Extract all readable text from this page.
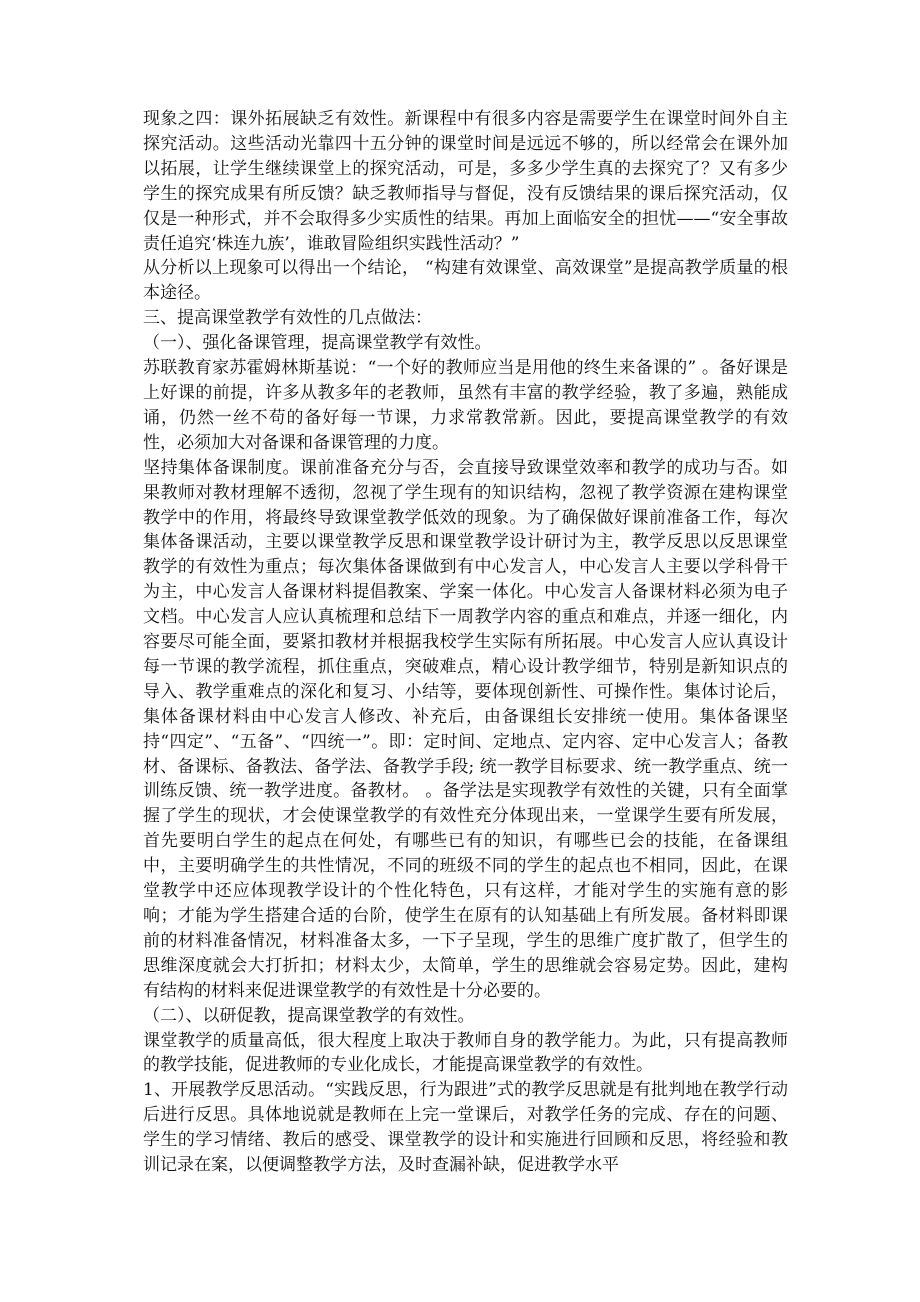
现象之四：课外拓展缺乏有效性。新课程中有很多内容是需要学生在课堂时间外自主探究活动。这些活动光靠四十五分钟的课堂时间是远远不够的，所以经常会在课外加以拓展，让学生继续课堂上的探究活动，可是，多多少学生真的去探究了？又有多少学生的探究成果有所反馈？缺乏教师指导与督促，没有反馈结果的课后探究活动，仅仅是一种形式，并不会取得多少实质性的结果。再加上面临安全的担忧——“安全事故责任追究‘株连九族’，谁敢冒险组织实践性活动？”

从分析以上现象可以得出一个结论， “构建有效课堂、高效课堂”是提高教学质量的根本途径。

三、提高课堂教学有效性的几点做法：

（一）、强化备课管理，提高课堂教学有效性。

苏联教育家苏霍姆林斯基说：“一个好的教师应当是用他的终生来备课的” 。备好课是上好课的前提，许多从教多年的老教师，虽然有丰富的教学经验，教了多遍，熟能成诵，仍然一丝不苟的备好每一节课，力求常教常新。因此，要提高课堂教学的有效性，必须加大对备课和备课管理的力度。

坚持集体备课制度。课前准备充分与否，会直接导致课堂效率和教学的成功与否。如果教师对教材理解不透彻，忽视了学生现有的知识结构，忽视了教学资源在建构课堂教学中的作用，将最终导致课堂教学低效的现象。为了确保做好课前准备工作，每次集体备课活动，主要以课堂教学反思和课堂教学设计研讨为主，教学反思以反思课堂教学的有效性为重点；每次集体备课做到有中心发言人，中心发言人主要以学科骨干为主，中心发言人备课材料提倡教案、学案一体化。中心发言人备课材料必须为电子文档。中心发言人应认真梳理和总结下一周教学内容的重点和难点，并逐一细化，内容要尽可能全面，要紧扣教材并根据我校学生实际有所拓展。中心发言人应认真设计每一节课的教学流程，抓住重点，突破难点，精心设计教学细节，特别是新知识点的导入、教学重难点的深化和复习、小结等，要体现创新性、可操作性。集体讨论后，集体备课材料由中心发言人修改、补充后，由备课组长安排统一使用。集体备课坚持“四定”、“五备”、“四统一”。即：定时间、定地点、定内容、定中心发言人；备教材、备课标、备教法、备学法、备教学手段; 统一教学目标要求、统一教学重点、统一训练反馈、统一教学进度。备教材。 。备学法是实现教学有效性的关键，只有全面掌握了学生的现状，才会使课堂教学的有效性充分体现出来，一堂课学生要有所发展，首先要明白学生的起点在何处，有哪些已有的知识，有哪些已会的技能，在备课组中，主要明确学生的共性情况，不同的班级不同的学生的起点也不相同，因此，在课堂教学中还应体现教学设计的个性化特色，只有这样，才能对学生的实施有意的影响；才能为学生搭建合适的台阶，使学生在原有的认知基础上有所发展。备材料即课前的材料准备情况，材料准备太多，一下子呈现，学生的思维广度扩散了，但学生的思维深度就会大打折扣；材料太少，太简单，学生的思维就会容易定势。因此，建构有结构的材料来促进课堂教学的有效性是十分必要的。

（二）、以研促教，提高课堂教学的有效性。

课堂教学的质量高低，很大程度上取决于教师自身的教学能力。为此，只有提高教师的教学技能，促进教师的专业化成长，才能提高课堂教学的有效性。

1、开展教学反思活动。“实践反思，行为跟进”式的教学反思就是有批判地在教学行动后进行反思。具体地说就是教师在上完一堂课后，对教学任务的完成、存在的问题、学生的学习情绪、教后的感受、课堂教学的设计和实施进行回顾和反思，将经验和教训记录在案，以便调整教学方法，及时查漏补缺，促进教学水平
